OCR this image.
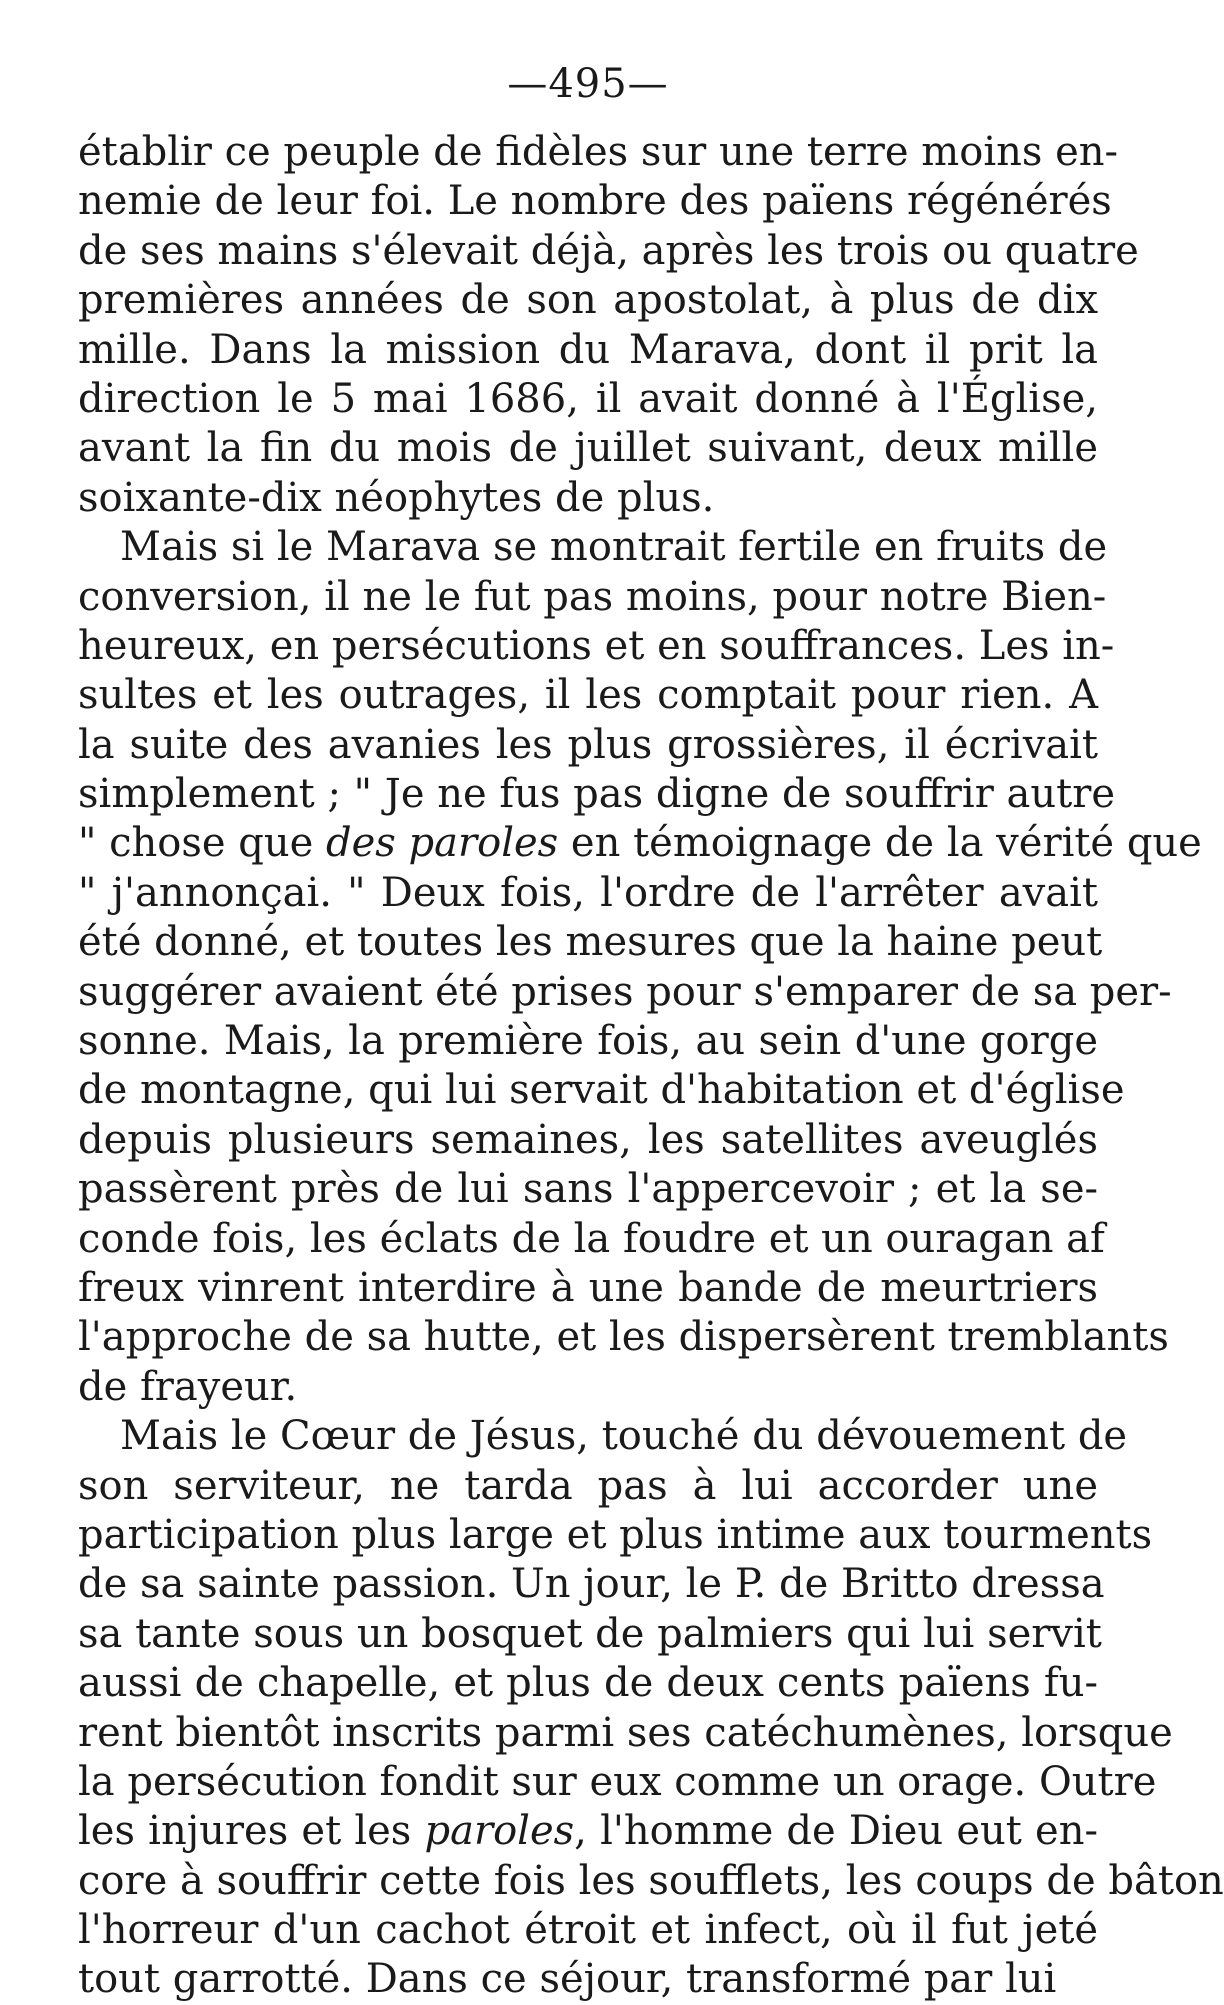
—495—
établir ce peuple de fidèles sur une terre moins en-
nemie de leur foi. Le nombre des païens régénérés
de ses mains s'élevait déjà, après les trois ou quatre
premières années de son apostolat, à plus de dix
mille. Dans la mission du Marava, dont il prit la
direction le 5 mai 1686, il avait donné à l'Église,
avant la fin du mois de juillet suivant, deux mille
soixante-dix néophytes de plus.
Mais si le Marava se montrait fertile en fruits de
conversion, il ne le fut pas moins, pour notre Bien-
heureux, en persécutions et en souffrances. Les in-
sultes et les outrages, il les comptait pour rien. A
la suite des avanies les plus grossières, il écrivait
simplement ; " Je ne fus pas digne de souffrir autre
" chose que des paroles en témoignage de la vérité que
" j'annonçai. " Deux fois, l'ordre de l'arrêter avait
été donné, et toutes les mesures que la haine peut
suggérer avaient été prises pour s'emparer de sa per-
sonne. Mais, la première fois, au sein d'une gorge
de montagne, qui lui servait d'habitation et d'église
depuis plusieurs semaines, les satellites aveuglés
passèrent près de lui sans l'appercevoir ; et la se-
conde fois, les éclats de la foudre et un ouragan af
freux vinrent interdire à une bande de meurtriers
l'approche de sa hutte, et les dispersèrent tremblants
de frayeur.
Mais le Cœur de Jésus, touché du dévouement de
son serviteur, ne tarda pas à lui accorder une
participation plus large et plus intime aux tourments
de sa sainte passion. Un jour, le P. de Britto dressa
sa tante sous un bosquet de palmiers qui lui servit
aussi de chapelle, et plus de deux cents païens fu-
rent bientôt inscrits parmi ses catéchumènes, lorsque
la persécution fondit sur eux comme un orage. Outre
les injures et les paroles, l'homme de Dieu eut en-
core à souffrir cette fois les soufflets, les coups de bâton
l'horreur d'un cachot étroit et infect, où il fut jeté
tout garrotté. Dans ce séjour, transformé par lui
